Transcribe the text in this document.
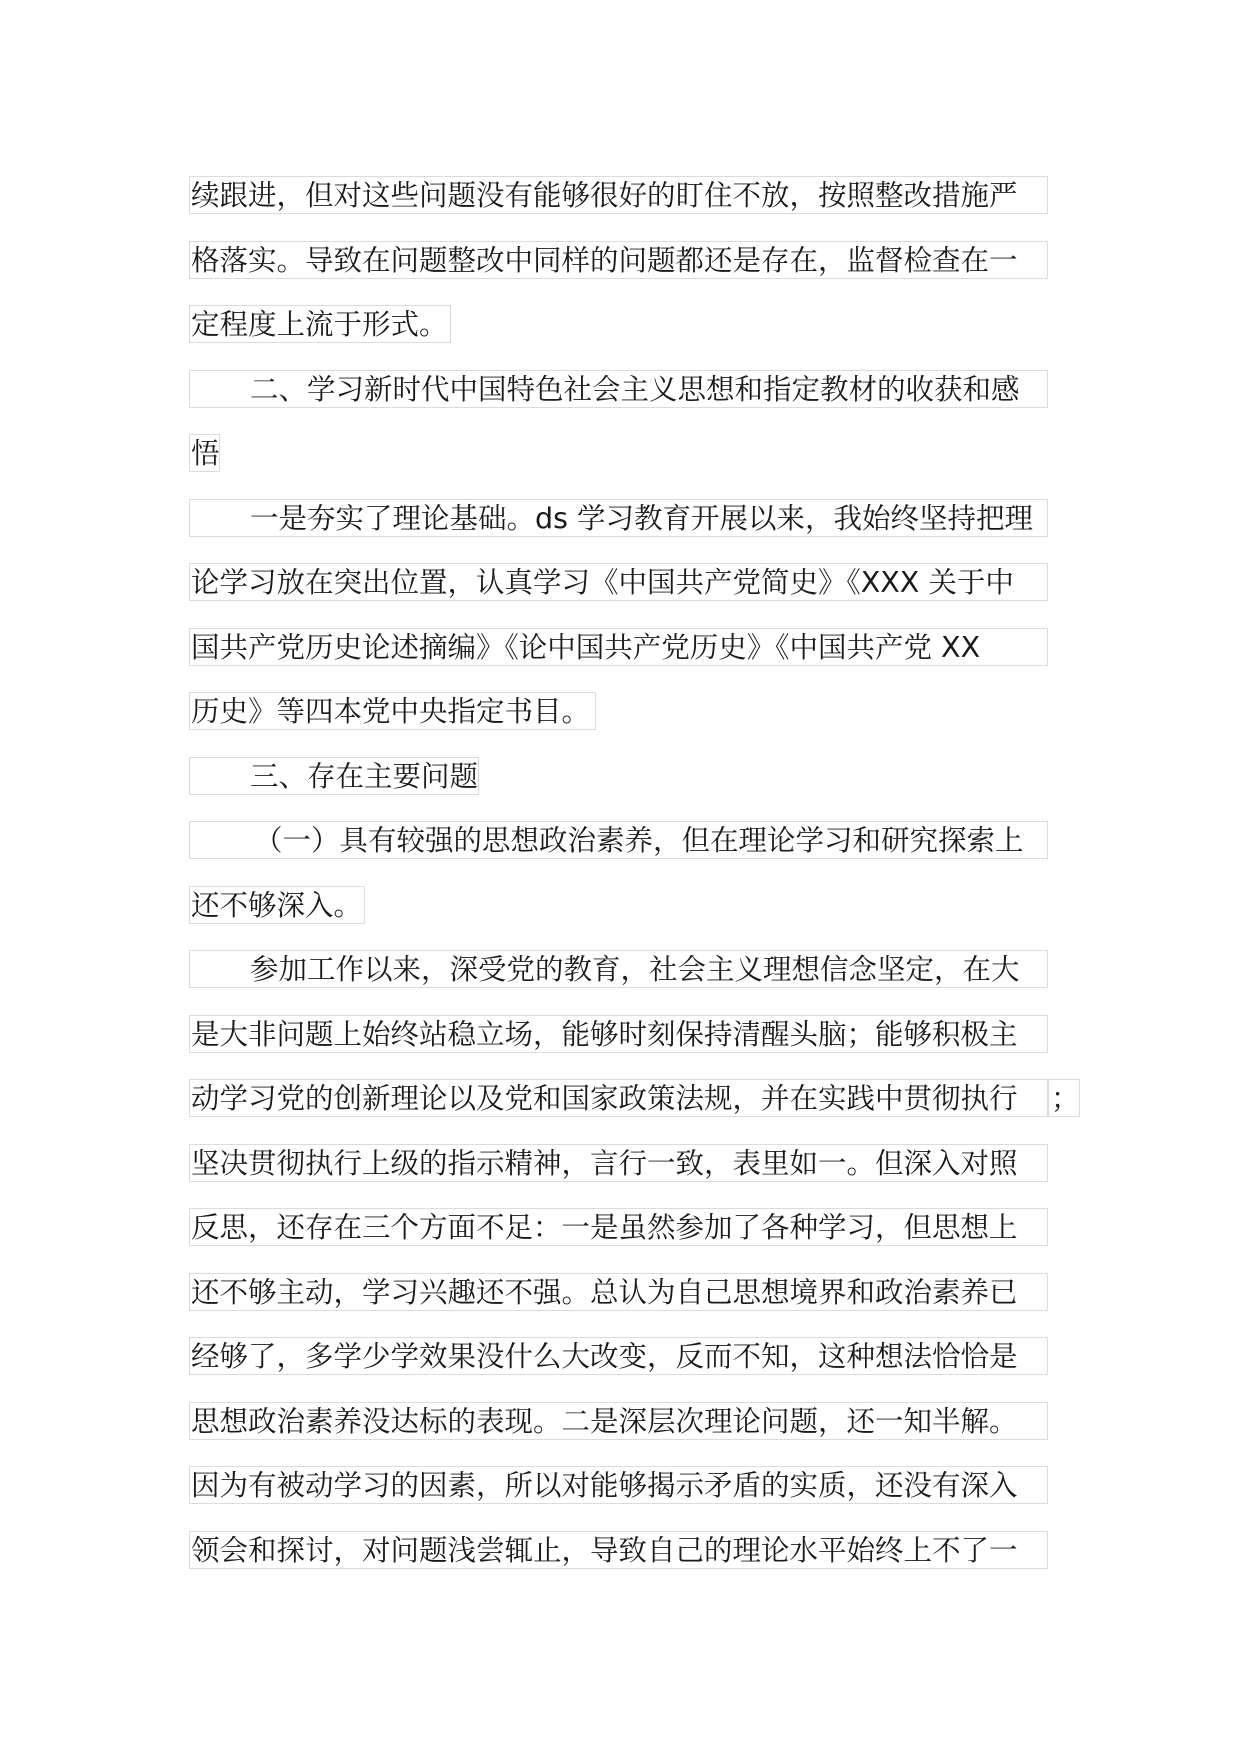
续跟进，但对这些问题没有能够很好的盯住不放，按照整改措施严
格落实。导致在问题整改中同样的问题都还是存在，监督检查在一
定程度上流于形式。
二、学习新时代中国特色社会主义思想和指定教材的收获和感
悟
一是夯实了理论基础。ds 学习教育开展以来，我始终坚持把理
论学习放在突出位置，认真学习《中国共产党简史》《XXX 关于中
国共产党历史论述摘编》《论中国共产党历史》《中国共产党 XX
历史》等四本党中央指定书目。
三、存在主要问题
（一）具有较强的思想政治素养，但在理论学习和研究探索上
还不够深入。
参加工作以来，深受党的教育，社会主义理想信念坚定，在大
是大非问题上始终站稳立场，能够时刻保持清醒头脑；能够积极主
动学习党的创新理论以及党和国家政策法规，并在实践中贯彻执行	；
坚决贯彻执行上级的指示精神，言行一致，表里如一。但深入对照
反思，还存在三个方面不足：一是虽然参加了各种学习，但思想上
还不够主动，学习兴趣还不强。总认为自己思想境界和政治素养已
经够了，多学少学效果没什么大改变，反而不知，这种想法恰恰是
思想政治素养没达标的表现。二是深层次理论问题，还一知半解。
因为有被动学习的因素，所以对能够揭示矛盾的实质，还没有深入
领会和探讨，对问题浅尝辄止，导致自己的理论水平始终上不了一
